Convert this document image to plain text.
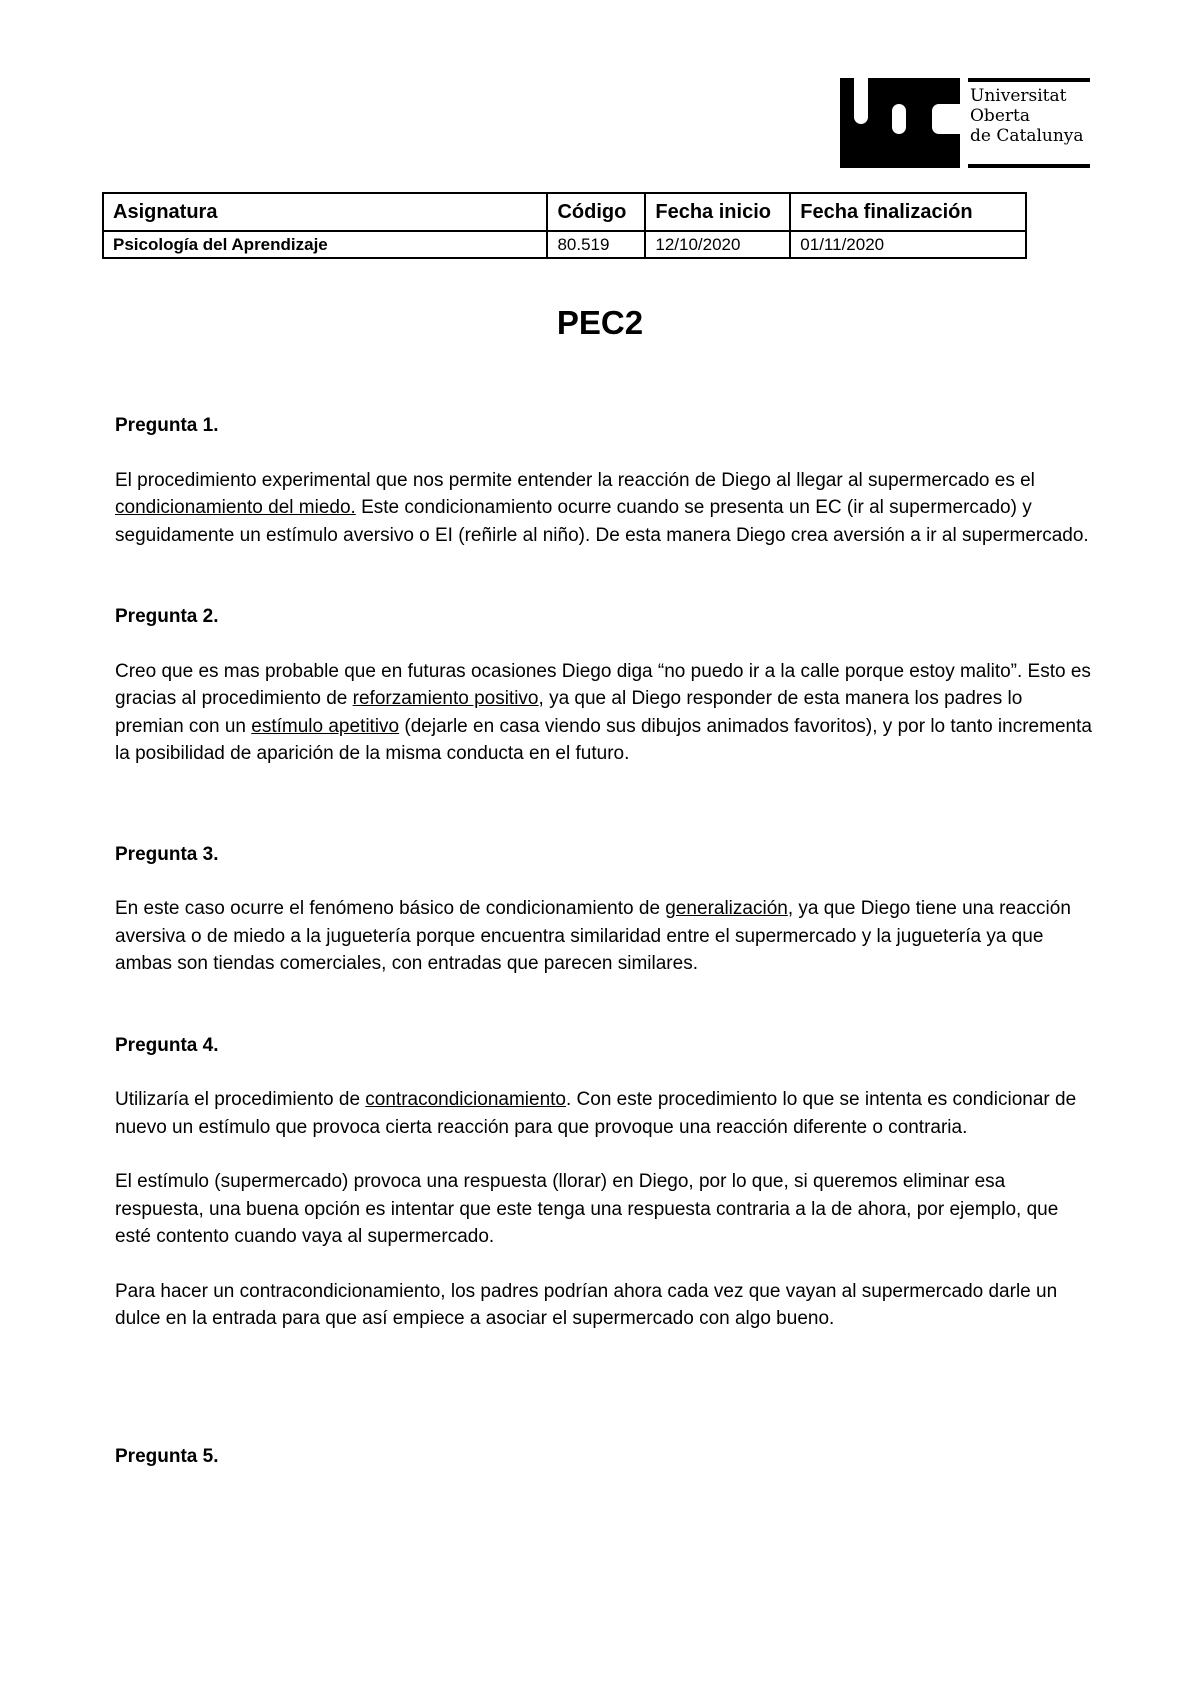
Universitat
Oberta
de Catalunya
Asignatura	Código	Fecha inicio	Fecha finalización
Psicología del Aprendizaje	80.519	12/10/2020	01/11/2020
PEC2

Pregunta 1.

El procedimiento experimental que nos permite entender la reacción de Diego al llegar al supermercado es el condicionamiento del miedo. Este condicionamiento ocurre cuando se presenta un EC (ir al supermercado) y seguidamente un estímulo aversivo o EI (reñirle al niño). De esta manera Diego crea aversión a ir al supermercado.

Pregunta 2.

Creo que es mas probable que en futuras ocasiones Diego diga “no puedo ir a la calle porque estoy malito”. Esto es gracias al procedimiento de reforzamiento positivo, ya que al Diego responder de esta manera los padres lo premian con un estímulo apetitivo (dejarle en casa viendo sus dibujos animados favoritos), y por lo tanto incrementa la posibilidad de aparición de la misma conducta en el futuro.

Pregunta 3.

En este caso ocurre el fenómeno básico de condicionamiento de generalización, ya que Diego tiene una reacción aversiva o de miedo a la juguetería porque encuentra similaridad entre el supermercado y la juguetería ya que ambas son tiendas comerciales, con entradas que parecen similares.

Pregunta 4.

Utilizaría el procedimiento de contracondicionamiento. Con este procedimiento lo que se intenta es condicionar de nuevo un estímulo que provoca cierta reacción para que provoque una reacción diferente o contraria.

El estímulo (supermercado) provoca una respuesta (llorar) en Diego, por lo que, si queremos eliminar esa respuesta, una buena opción es intentar que este tenga una respuesta contraria a la de ahora, por ejemplo, que esté contento cuando vaya al supermercado.

Para hacer un contracondicionamiento, los padres podrían ahora cada vez que vayan al supermercado darle un dulce en la entrada para que así empiece a asociar el supermercado con algo bueno.

Pregunta 5.
